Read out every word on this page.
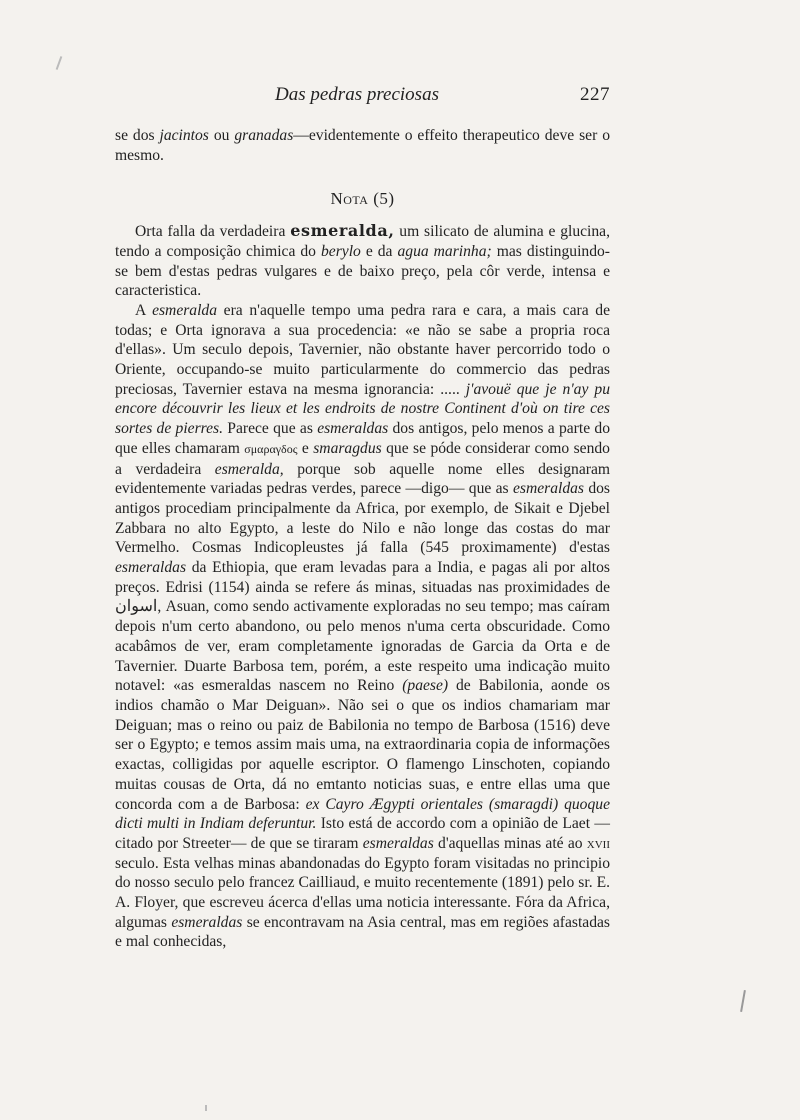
Das pedras preciosas	227

se dos jacintos ou granadas—evidentemente o effeito therapeutico deve ser o mesmo.

Nota (5)

Orta falla da verdadeira esmeralda, um silicato de alumina e glucina, tendo a composição chimica do berylo e da agua marinha; mas distinguindo-se bem d'estas pedras vulgares e de baixo preço, pela côr verde, intensa e caracteristica.

A esmeralda era n'aquelle tempo uma pedra rara e cara, a mais cara de todas; e Orta ignorava a sua procedencia: «e não se sabe a propria roca d'ellas». Um seculo depois, Tavernier, não obstante haver percorrido todo o Oriente, occupando-se muito particularmente do commercio das pedras preciosas, Tavernier estava na mesma ignorancia: ..... j'avouë que je n'ay pu encore découvrir les lieux et les endroits de nostre Continent d'où on tire ces sortes de pierres. Parece que as esmeraldas dos antigos, pelo menos a parte do que elles chamaram σμαραγδος e smaragdus que se póde considerar como sendo a verdadeira esmeralda, porque sob aquelle nome elles designaram evidentemente variadas pedras verdes, parece —digo— que as esmeraldas dos antigos procediam principalmente da Africa, por exemplo, de Sikait e Djebel Zabbara no alto Egypto, a leste do Nilo e não longe das costas do mar Vermelho. Cosmas Indicopleustes já falla (545 proximamente) d'estas esmeraldas da Ethiopia, que eram levadas para a India, e pagas ali por altos preços. Edrisi (1154) ainda se refere ás minas, situadas nas proximidades de اسوان, Asuan, como sendo activamente exploradas no seu tempo; mas caíram depois n'um certo abandono, ou pelo menos n'uma certa obscuridade. Como acabâmos de ver, eram completamente ignoradas de Garcia da Orta e de Tavernier. Duarte Barbosa tem, porém, a este respeito uma indicação muito notavel: «as esmeraldas nascem no Reino (paese) de Babilonia, aonde os indios chamão o Mar Deiguan». Não sei o que os indios chamariam mar Deiguan; mas o reino ou paiz de Babilonia no tempo de Barbosa (1516) deve ser o Egypto; e temos assim mais uma, na extraordinaria copia de informações exactas, colligidas por aquelle escriptor. O flamengo Linschoten, copiando muitas cousas de Orta, dá no emtanto noticias suas, e entre ellas uma que concorda com a de Barbosa: ex Cayro Ægypti orientales (smaragdi) quoque dicti multi in Indiam deferuntur. Isto está de accordo com a opinião de Laet —citado por Streeter— de que se tiraram esmeraldas d'aquellas minas até ao xvii seculo. Esta velhas minas abandonadas do Egypto foram visitadas no principio do nosso seculo pelo francez Cailliaud, e muito recentemente (1891) pelo sr. E. A. Floyer, que escreveu ácerca d'ellas uma noticia interessante. Fóra da Africa, algumas esmeraldas se encontravam na Asia central, mas em regiões afastadas e mal conhecidas,
